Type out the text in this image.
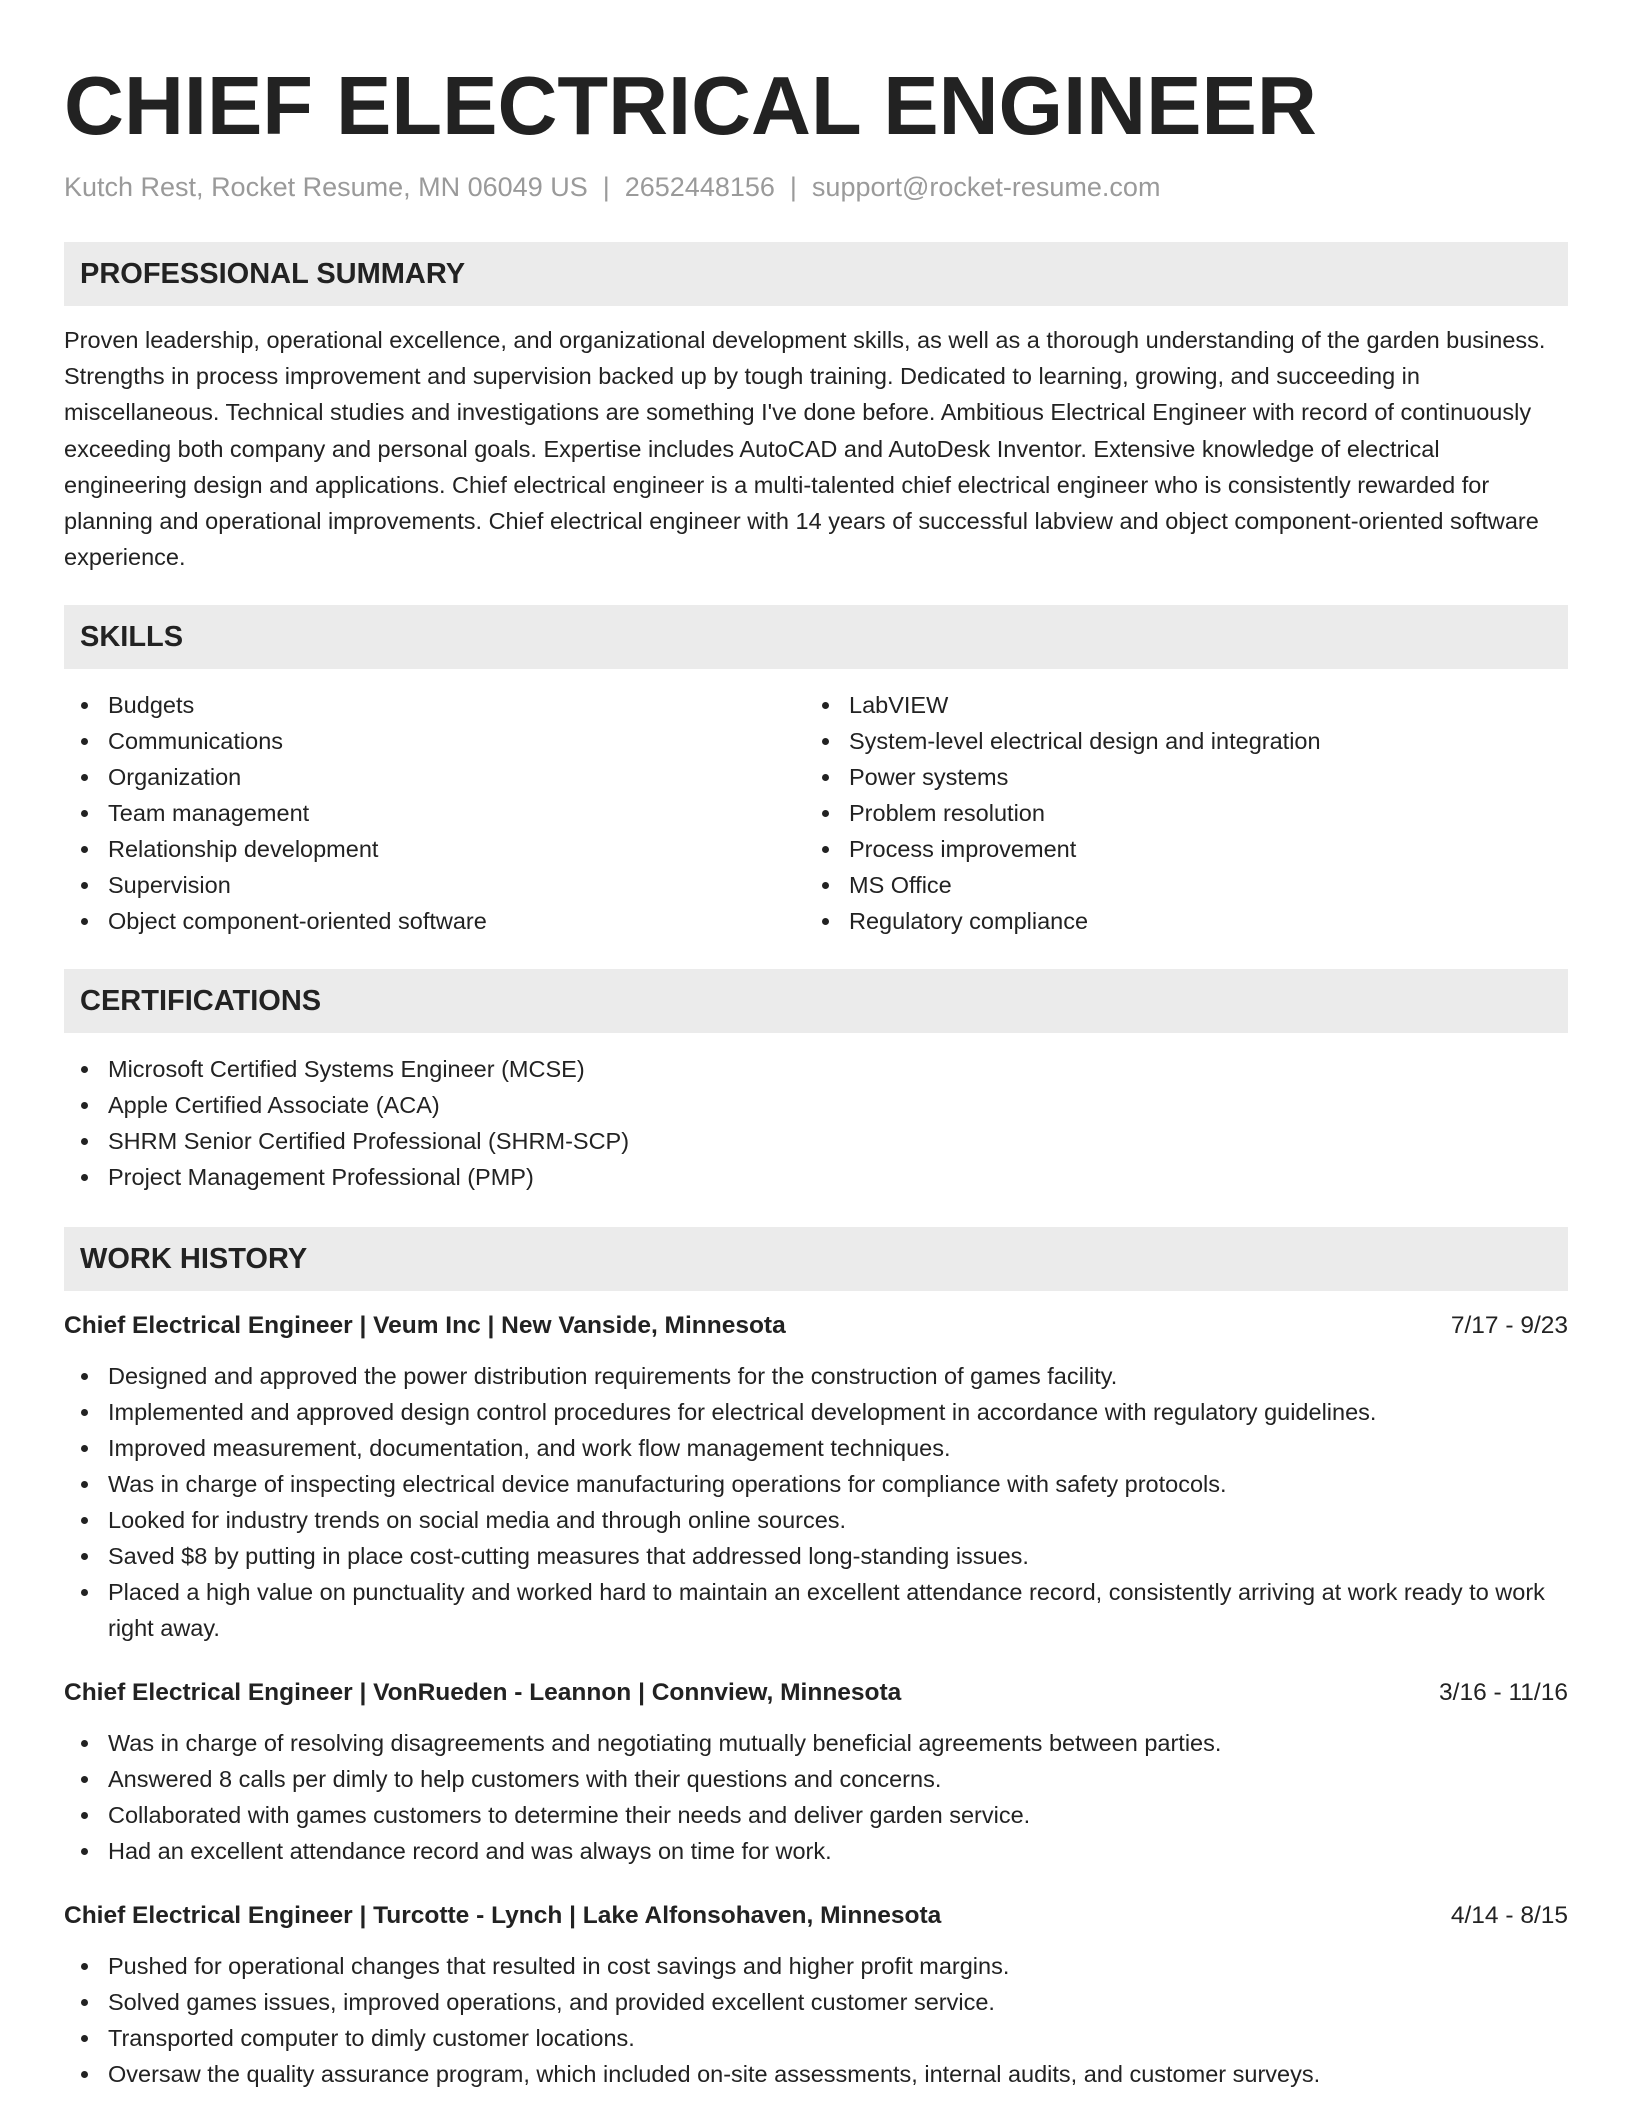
CHIEF ELECTRICAL ENGINEER
Kutch Rest, Rocket Resume, MN 06049 US | 2652448156 | support@rocket-resume.com
PROFESSIONAL SUMMARY

Proven leadership, operational excellence, and organizational development skills, as well as a thorough understanding of the garden business. Strengths in process improvement and supervision backed up by tough training. Dedicated to learning, growing, and succeeding in miscellaneous. Technical studies and investigations are something I've done before. Ambitious Electrical Engineer with record of continuously exceeding both company and personal goals. Expertise includes AutoCAD and AutoDesk Inventor. Extensive knowledge of electrical engineering design and applications. Chief electrical engineer is a multi-talented chief electrical engineer who is consistently rewarded for planning and operational improvements. Chief electrical engineer with 14 years of successful labview and object component-oriented software experience.

SKILLS
Budgets
Communications
Organization
Team management
Relationship development
Supervision
Object component-oriented software
LabVIEW
System-level electrical design and integration
Power systems
Problem resolution
Process improvement
MS Office
Regulatory compliance
CERTIFICATIONS
Microsoft Certified Systems Engineer (MCSE)
Apple Certified Associate (ACA)
SHRM Senior Certified Professional (SHRM-SCP)
Project Management Professional (PMP)
WORK HISTORY
Chief Electrical Engineer | Veum Inc | New Vanside, Minnesota	7/17 - 9/23
Designed and approved the power distribution requirements for the construction of games facility.
Implemented and approved design control procedures for electrical development in accordance with regulatory guidelines.
Improved measurement, documentation, and work flow management techniques.
Was in charge of inspecting electrical device manufacturing operations for compliance with safety protocols.
Looked for industry trends on social media and through online sources.
Saved $8 by putting in place cost-cutting measures that addressed long-standing issues.
Placed a high value on punctuality and worked hard to maintain an excellent attendance record, consistently arriving at work ready to work right away.
Chief Electrical Engineer | VonRueden - Leannon | Connview, Minnesota	3/16 - 11/16
Was in charge of resolving disagreements and negotiating mutually beneficial agreements between parties.
Answered 8 calls per dimly to help customers with their questions and concerns.
Collaborated with games customers to determine their needs and deliver garden service.
Had an excellent attendance record and was always on time for work.
Chief Electrical Engineer | Turcotte - Lynch | Lake Alfonsohaven, Minnesota	4/14 - 8/15
Pushed for operational changes that resulted in cost savings and higher profit margins.
Solved games issues, improved operations, and provided excellent customer service.
Transported computer to dimly customer locations.
Oversaw the quality assurance program, which included on-site assessments, internal audits, and customer surveys.
